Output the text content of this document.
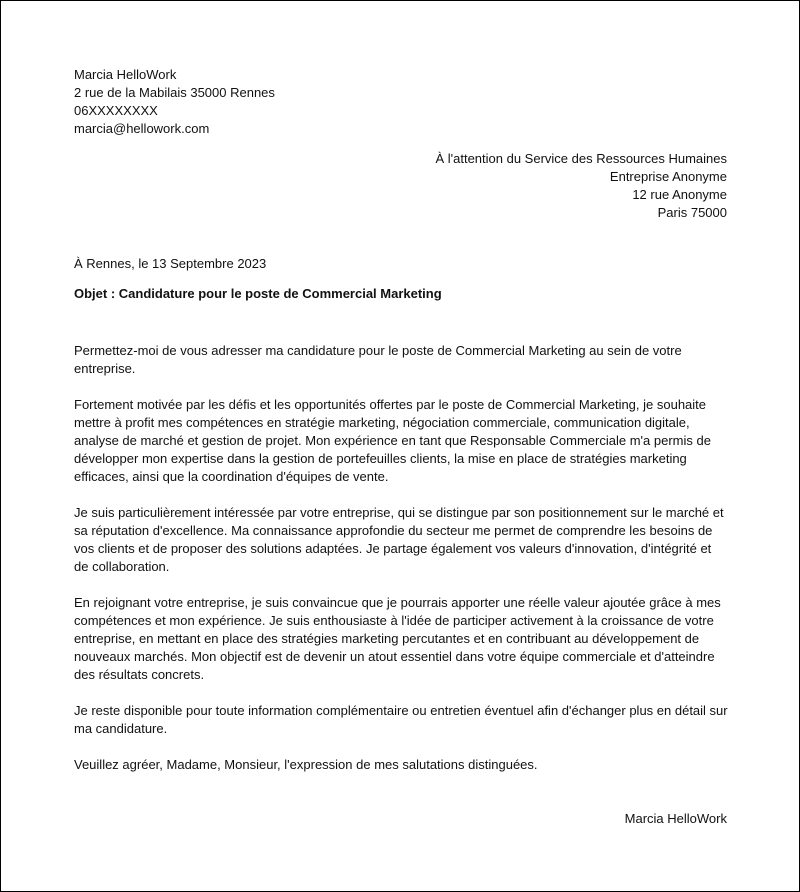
Marcia HelloWork
2 rue de la Mabilais 35000 Rennes
06XXXXXXXX
marcia@hellowork.com
À l'attention du Service des Ressources Humaines
Entreprise Anonyme
12 rue Anonyme
Paris 75000
À Rennes, le 13 Septembre 2023
Objet : Candidature pour le poste de Commercial Marketing

Permettez-moi de vous adresser ma candidature pour le poste de Commercial Marketing au sein de votre entreprise.

Fortement motivée par les défis et les opportunités offertes par le poste de Commercial Marketing, je souhaite mettre à profit mes compétences en stratégie marketing, négociation commerciale, communication digitale, analyse de marché et gestion de projet. Mon expérience en tant que Responsable Commerciale m'a permis de développer mon expertise dans la gestion de portefeuilles clients, la mise en place de stratégies marketing efficaces, ainsi que la coordination d'équipes de vente.

Je suis particulièrement intéressée par votre entreprise, qui se distingue par son positionnement sur le marché et sa réputation d'excellence. Ma connaissance approfondie du secteur me permet de comprendre les besoins de vos clients et de proposer des solutions adaptées. Je partage également vos valeurs d'innovation, d'intégrité et de collaboration.

En rejoignant votre entreprise, je suis convaincue que je pourrais apporter une réelle valeur ajoutée grâce à mes compétences et mon expérience. Je suis enthousiaste à l'idée de participer activement à la croissance de votre entreprise, en mettant en place des stratégies marketing percutantes et en contribuant au développement de nouveaux marchés. Mon objectif est de devenir un atout essentiel dans votre équipe commerciale et d'atteindre des résultats concrets.

Je reste disponible pour toute information complémentaire ou entretien éventuel afin d'échanger plus en détail sur ma candidature.

Veuillez agréer, Madame, Monsieur, l'expression de mes salutations distinguées.

Marcia HelloWork
